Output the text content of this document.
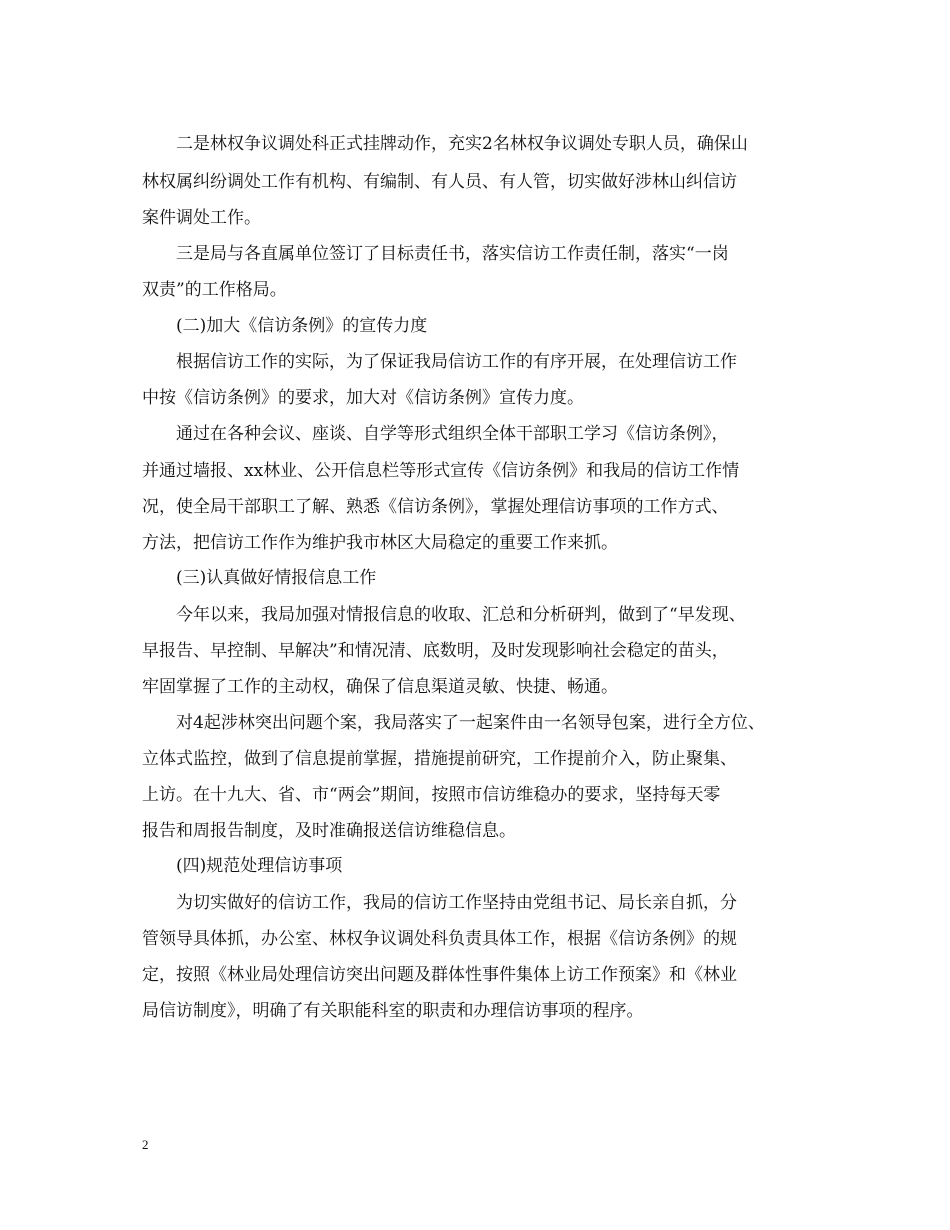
二是林权争议调处科正式挂牌动作，充实2名林权争议调处专职人员，确保山
林权属纠纷调处工作有机构、有编制、有人员、有人管，切实做好涉林山纠信访
案件调处工作。
三是局与各直属单位签订了目标责任书，落实信访工作责任制，落实“一岗
双责”的工作格局。
(二)加大《信访条例》的宣传力度
根据信访工作的实际，为了保证我局信访工作的有序开展，在处理信访工作
中按《信访条例》的要求，加大对《信访条例》宣传力度。
通过在各种会议、座谈、自学等形式组织全体干部职工学习《信访条例》，
并通过墙报、xx林业、公开信息栏等形式宣传《信访条例》和我局的信访工作情
况，使全局干部职工了解、熟悉《信访条例》，掌握处理信访事项的工作方式、
方法，把信访工作作为维护我市林区大局稳定的重要工作来抓。
(三)认真做好情报信息工作
今年以来，我局加强对情报信息的收取、汇总和分析研判，做到了“早发现、
早报告、早控制、早解决”和情况清、底数明，及时发现影响社会稳定的苗头，
牢固掌握了工作的主动权，确保了信息渠道灵敏、快捷、畅通。
对4起涉林突出问题个案，我局落实了一起案件由一名领导包案，进行全方位、
立体式监控，做到了信息提前掌握，措施提前研究，工作提前介入，防止聚集、
上访。在十九大、省、市“两会”期间，按照市信访维稳办的要求，坚持每天零
报告和周报告制度，及时准确报送信访维稳信息。
(四)规范处理信访事项
为切实做好的信访工作，我局的信访工作坚持由党组书记、局长亲自抓，分
管领导具体抓，办公室、林权争议调处科负责具体工作，根据《信访条例》的规
定，按照《林业局处理信访突出问题及群体性事件集体上访工作预案》和《林业
局信访制度》，明确了有关职能科室的职责和办理信访事项的程序。
2
